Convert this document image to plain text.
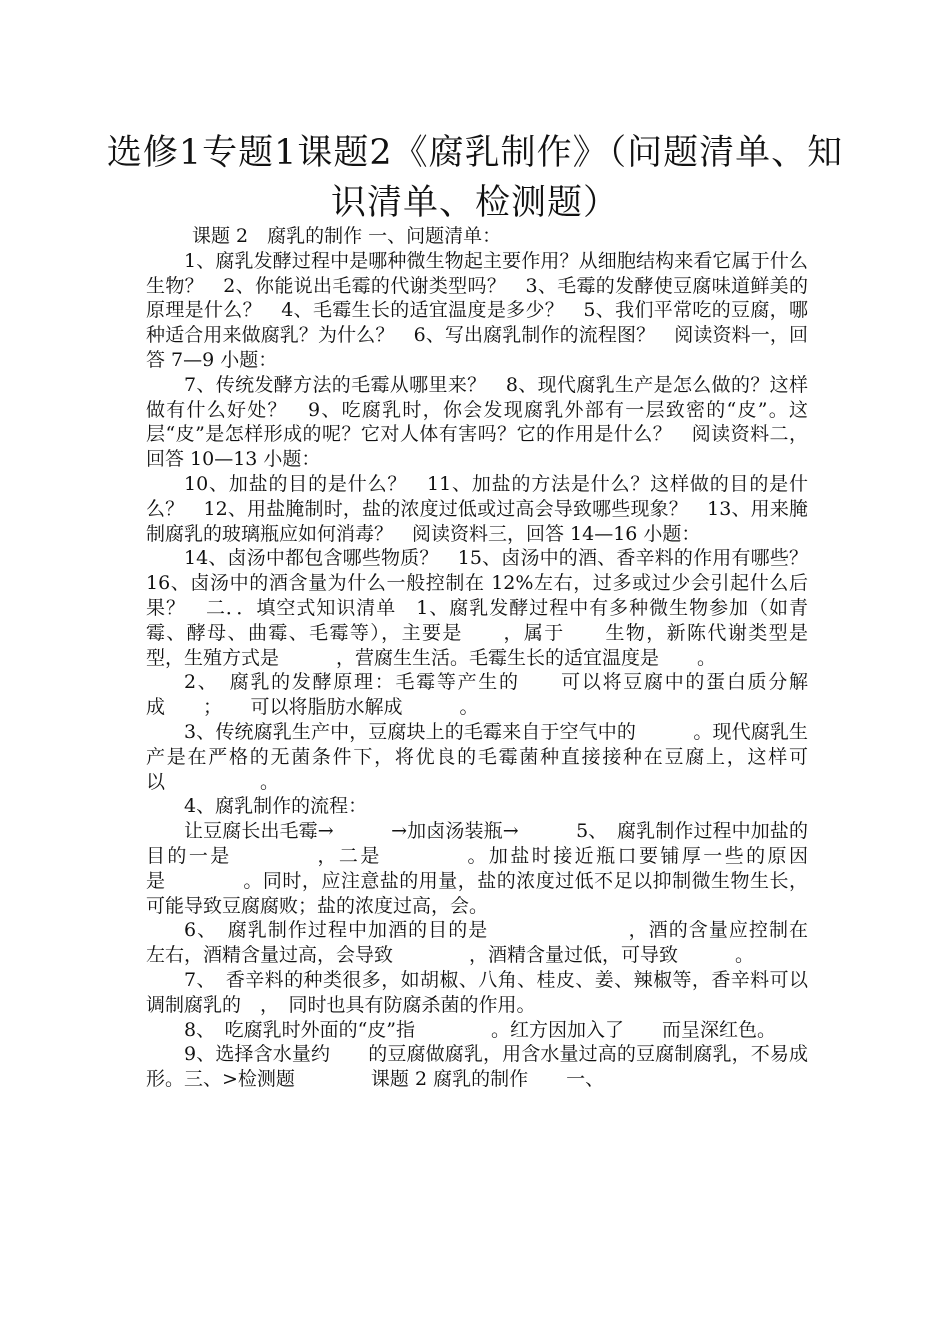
选修1专题1课题2《腐乳制作》（问题清单、知识清单、检测题）

课题 2　腐乳的制作 一、问题清单：

1、腐乳发酵过程中是哪种微生物起主要作用？从细胞结构来看它属于什么生物？　2、你能说出毛霉的代谢类型吗？　3、毛霉的发酵使豆腐味道鲜美的原理是什么？　4、毛霉生长的适宜温度是多少？　5、我们平常吃的豆腐，哪种适合用来做腐乳？为什么？　6、写出腐乳制作的流程图？　阅读资料一，回答 7—9 小题：

7、传统发酵方法的毛霉从哪里来？　8、现代腐乳生产是怎么做的？这样做有什么好处？　9、吃腐乳时，你会发现腐乳外部有一层致密的“皮”。这层“皮”是怎样形成的呢？它对人体有害吗？它的作用是什么？　阅读资料二，回答 10—13 小题：

10、加盐的目的是什么？　11、加盐的方法是什么？这样做的目的是什么？　12、用盐腌制时，盐的浓度过低或过高会导致哪些现象？　13、用来腌制腐乳的玻璃瓶应如何消毒？　阅读资料三，回答 14—16 小题：

14、卤汤中都包含哪些物质？　15、卤汤中的酒、香辛料的作用有哪些？　16、卤汤中的酒含量为什么一般控制在 12%左右，过多或过少会引起什么后果？　二．．填空式知识清单　1、腐乳发酵过程中有多种微生物参加（如青霉、酵母、曲霉、毛霉等），主要是　　，属于　　生物，新陈代谢类型是　　　型，生殖方式是　　　，营腐生生活。毛霉生长的适宜温度是　　。

2、　腐乳的发酵原理：毛霉等产生的　　可以将豆腐中的蛋白质分解成　　；　　可以将脂肪水解成　　　。

3、传统腐乳生产中，豆腐块上的毛霉来自于空气中的　　　。现代腐乳生产是在严格的无菌条件下，将优良的毛霉菌种直接接种在豆腐上，这样可以　　　　　。

4、腐乳制作的流程：

让豆腐长出毛霉→　　　→加卤汤装瓶→　　　5、　腐乳制作过程中加盐的目的一是　　　　，二是　　　　。加盐时接近瓶口要铺厚一些的原因是　　　　。同时，应注意盐的用量，盐的浓度过低不足以抑制微生物生长，可能导致豆腐腐败；盐的浓度过高，会。

6、　腐乳制作过程中加酒的目的是　　　　　　　，酒的含量应控制在　　左右，酒精含量过高，会导致　　　　，酒精含量过低，可导致　　　。

7、　香辛料的种类很多，如胡椒、八角、桂皮、姜、辣椒等，香辛料可以调制腐乳的　，　同时也具有防腐杀菌的作用。

8、　吃腐乳时外面的“皮”指　　　　。红方因加入了　　而呈深红色。

9、选择含水量约　　的豆腐做腐乳，用含水量过高的豆腐制腐乳，不易成形。三、>检测题　　　　课题 2 腐乳的制作　　一、
